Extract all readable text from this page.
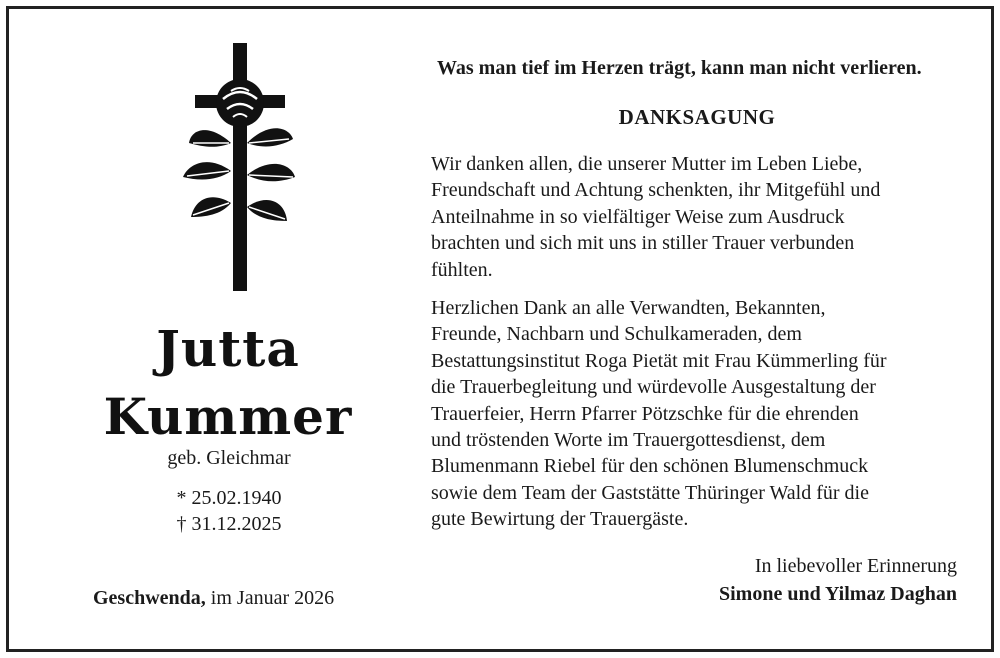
Jutta
Kummer
geb. Gleichmar
* 25.02.1940
† 31.12.2025
Geschwenda, im Januar 2026
Was man tief im Herzen trägt, kann man nicht verlieren.
DANKSAGUNG
Wir danken allen, die unserer Mutter im Leben Liebe,
Freundschaft und Achtung schenkten, ihr Mitgefühl und
Anteilnahme in so vielfältiger Weise zum Ausdruck
brachten und sich mit uns in stiller Trauer verbunden
fühlten.
Herzlichen Dank an alle Verwandten, Bekannten,
Freunde, Nachbarn und Schulkameraden, dem
Bestattungsinstitut Roga Pietät mit Frau Kümmerling für
die Trauerbegleitung und würdevolle Ausgestaltung der
Trauerfeier, Herrn Pfarrer Pötzschke für die ehrenden
und tröstenden Worte im Trauergottesdienst, dem
Blumenmann Riebel für den schönen Blumenschmuck
sowie dem Team der Gaststätte Thüringer Wald für die
gute Bewirtung der Trauergäste.
In liebevoller Erinnerung
Simone und Yilmaz Daghan
